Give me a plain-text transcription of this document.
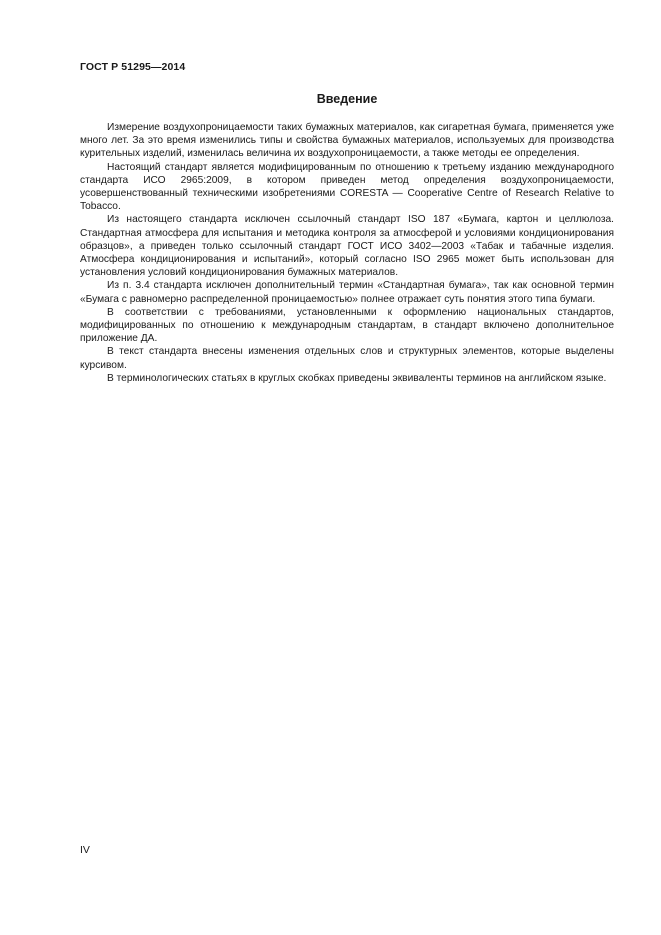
ГОСТ Р 51295—2014
Введение

Измерение воздухопроницаемости таких бумажных материалов, как сигаретная бумага, применяется уже много лет. За это время изменились типы и свойства бумажных материалов, используемых для производства курительных изделий, изменилась величина их воздухопроницаемости, а также методы ее определения.

Настоящий стандарт является модифицированным по отношению к третьему изданию международного стандарта ИСО 2965:2009, в котором приведен метод определения воздухопроницаемости, усовершенствованный техническими изобретениями CORESTA — Cooperative Centre of Research Relative to Tobacco.

Из настоящего стандарта исключен ссылочный стандарт ISO 187 «Бумага, картон и целлюлоза. Стандартная атмосфера для испытания и методика контроля за атмосферой и условиями кондиционирования образцов», а приведен только ссылочный стандарт ГОСТ ИСО 3402—2003 «Табак и табачные изделия. Атмосфера кондиционирования и испытаний», который согласно ISO 2965 может быть использован для установления условий кондиционирования бумажных материалов.

Из п. 3.4 стандарта исключен дополнительный термин «Стандартная бумага», так как основной термин «Бумага с равномерно распределенной проницаемостью» полнее отражает суть понятия этого типа бумаги.

В соответствии с требованиями, установленными к оформлению национальных стандартов, модифицированных по отношению к международным стандартам, в стандарт включено дополнительное приложение ДА.

В текст стандарта внесены изменения отдельных слов и структурных элементов, которые выделены курсивом.

В терминологических статьях в круглых скобках приведены эквиваленты терминов на английском языке.

IV
